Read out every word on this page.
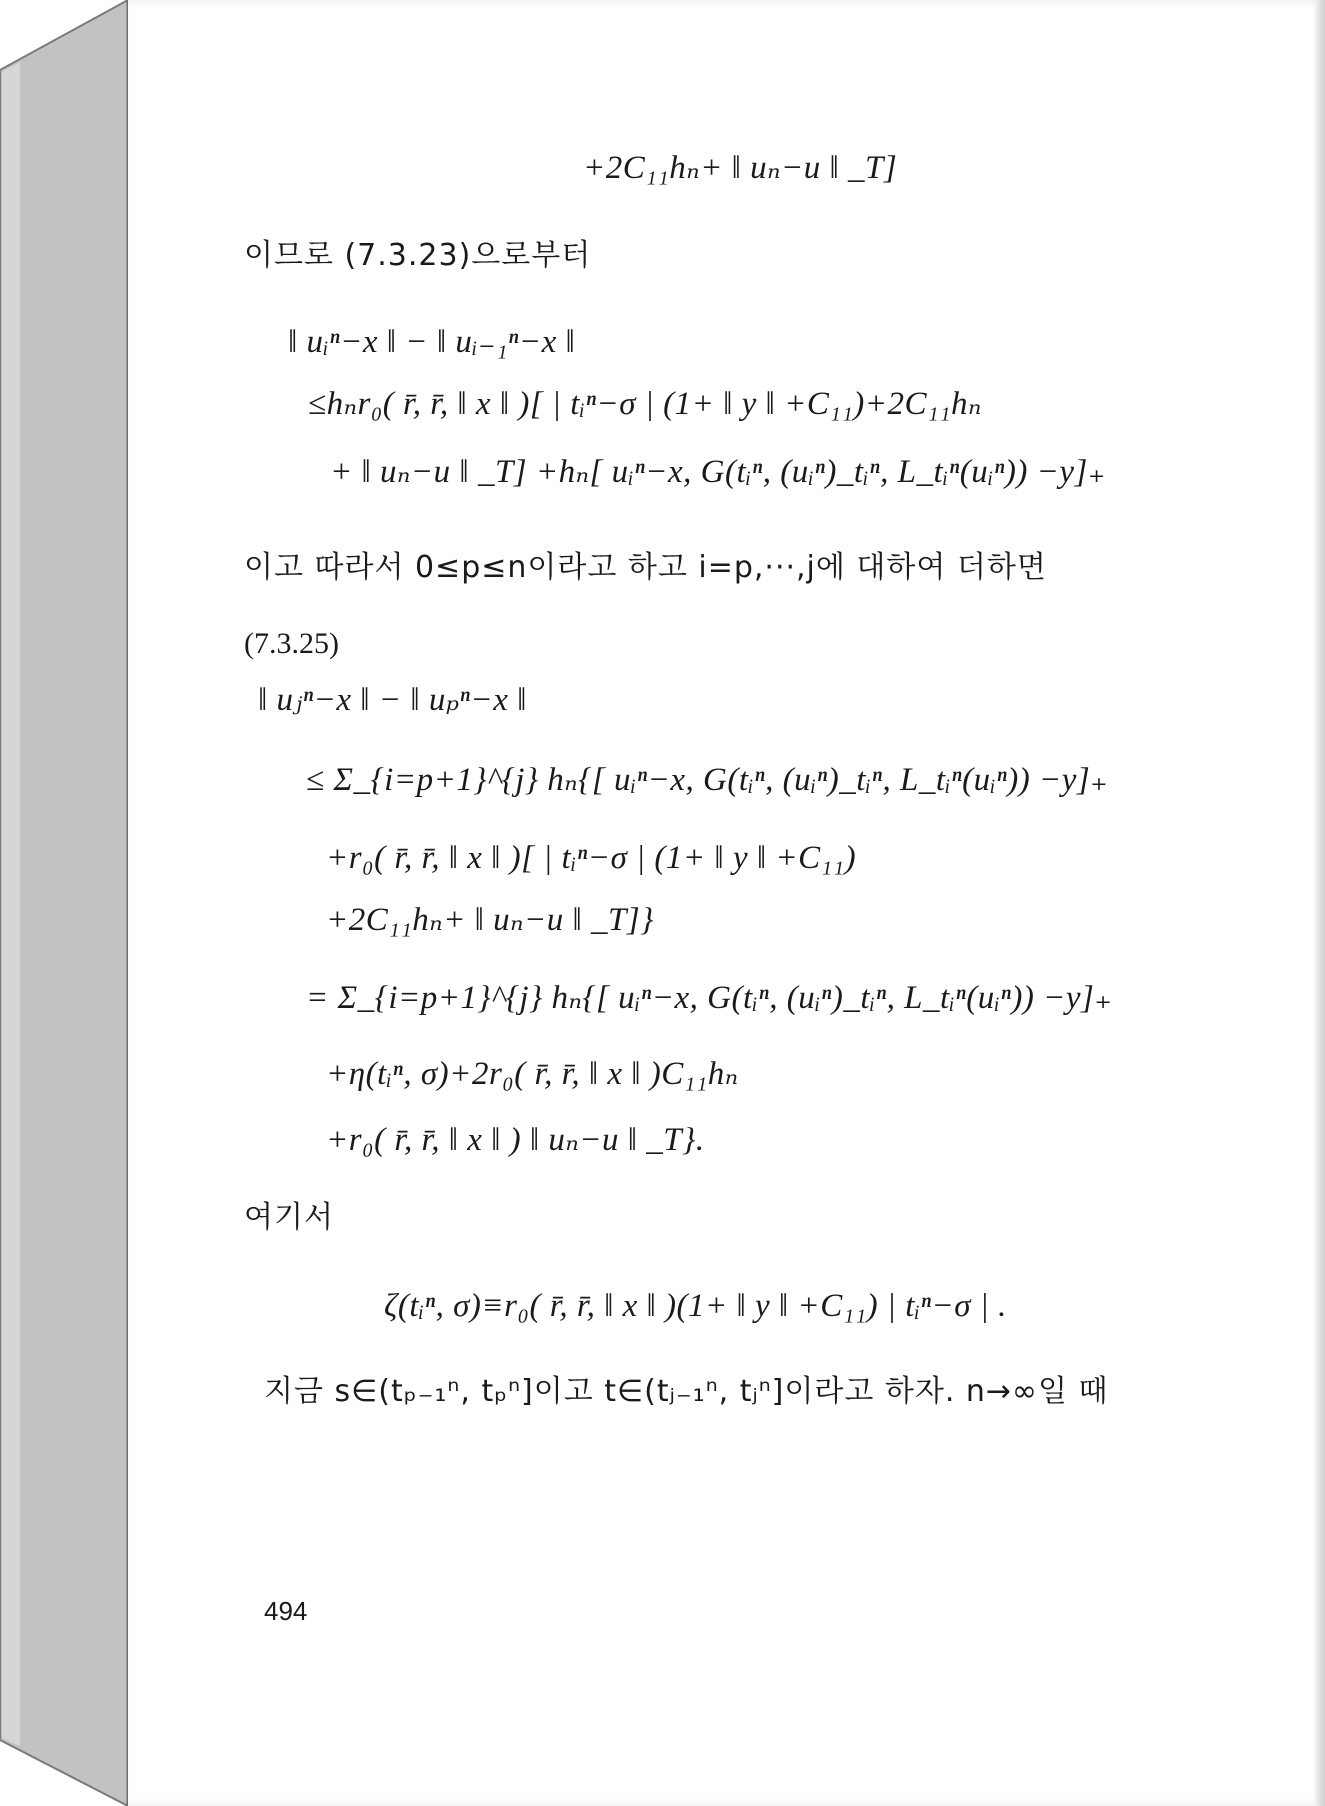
+2C₁₁hₙ+ ‖ uₙ−u ‖ _T]
이므로 (7.3.23)으로부터
‖ uᵢⁿ−x ‖ − ‖ uᵢ₋₁ⁿ−x ‖
≤hₙr₀( r̄, r̄, ‖ x ‖ )[ | tᵢⁿ−σ | (1+ ‖ y ‖ +C₁₁)+2C₁₁hₙ
+ ‖ uₙ−u ‖ _T] +hₙ[ uᵢⁿ−x, G(tᵢⁿ, (uᵢⁿ)_tᵢⁿ, L_tᵢⁿ(uᵢⁿ)) −y]₊
이고 따라서 0≤p≤n이라고 하고 i=p,···,j에 대하여 더하면
(7.3.25)
‖ uⱼⁿ−x ‖ − ‖ uₚⁿ−x ‖
≤ Σ_{i=p+1}^{j} hₙ{[ uᵢⁿ−x, G(tᵢⁿ, (uᵢⁿ)_tᵢⁿ, L_tᵢⁿ(uᵢⁿ)) −y]₊
+r₀( r̄, r̄, ‖ x ‖ )[ | tᵢⁿ−σ | (1+ ‖ y ‖ +C₁₁)
+2C₁₁hₙ+ ‖ uₙ−u ‖ _T]}
= Σ_{i=p+1}^{j} hₙ{[ uᵢⁿ−x, G(tᵢⁿ, (uᵢⁿ)_tᵢⁿ, L_tᵢⁿ(uᵢⁿ)) −y]₊
+η(tᵢⁿ, σ)+2r₀( r̄, r̄, ‖ x ‖ )C₁₁hₙ
+r₀( r̄, r̄, ‖ x ‖ ) ‖ uₙ−u ‖ _T}.
여기서
ζ(tᵢⁿ, σ)≡r₀( r̄, r̄, ‖ x ‖ )(1+ ‖ y ‖ +C₁₁) | tᵢⁿ−σ | .
지금 s∈(tₚ₋₁ⁿ, tₚⁿ]이고 t∈(tⱼ₋₁ⁿ, tⱼⁿ]이라고 하자. n→∞일 때
494
